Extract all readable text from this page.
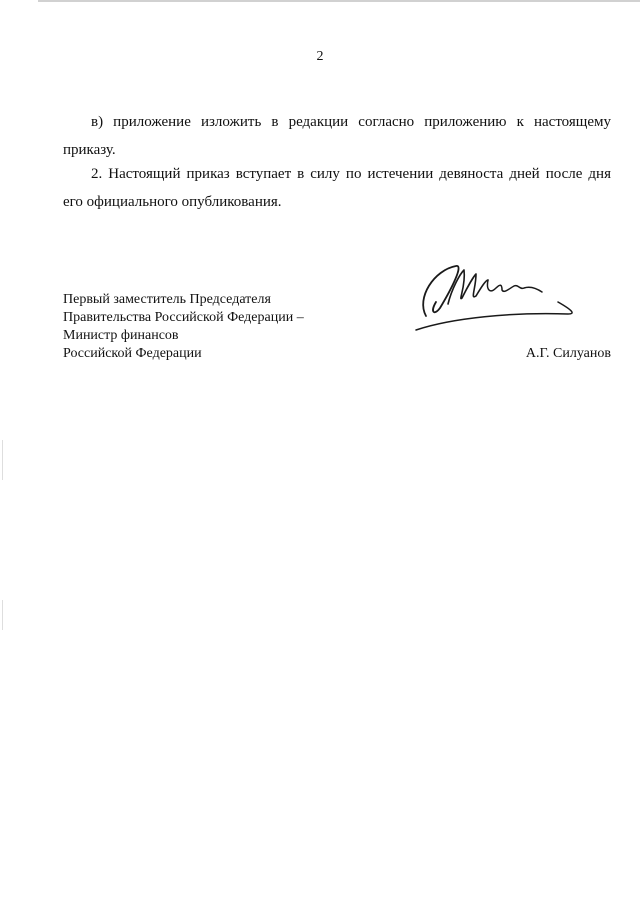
2

в) приложение изложить в редакции согласно приложению к настоящему
приказу.

2. Настоящий приказ вступает в силу по истечении девяноста дней после дня
его официального опубликования.

Первый заместитель Председателя
Правительства Российской Федерации –
Министр финансов
Российской Федерации	А.Г. Силуанов
